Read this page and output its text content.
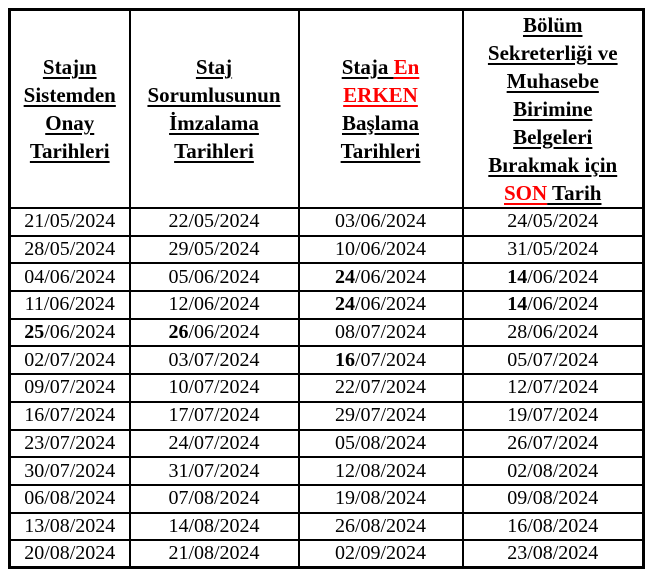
Stajın
Sistemden
Onay
Tarihleri

Staj
Sorumlusunun
İmzalama
Tarihleri

Staja En
ERKEN
Başlama
Tarihleri

Bölüm
Sekreterliği ve
Muhasebe
Birimine
Belgeleri
Bırakmak için
SON Tarih

21/05/2024	22/05/2024	03/06/2024	24/05/2024
28/05/2024	29/05/2024	10/06/2024	31/05/2024
04/06/2024	05/06/2024	24/06/2024	14/06/2024
11/06/2024	12/06/2024	24/06/2024	14/06/2024
25/06/2024	26/06/2024	08/07/2024	28/06/2024
02/07/2024	03/07/2024	16/07/2024	05/07/2024
09/07/2024	10/07/2024	22/07/2024	12/07/2024
16/07/2024	17/07/2024	29/07/2024	19/07/2024
23/07/2024	24/07/2024	05/08/2024	26/07/2024
30/07/2024	31/07/2024	12/08/2024	02/08/2024
06/08/2024	07/08/2024	19/08/2024	09/08/2024
13/08/2024	14/08/2024	26/08/2024	16/08/2024
20/08/2024	21/08/2024	02/09/2024	23/08/2024
